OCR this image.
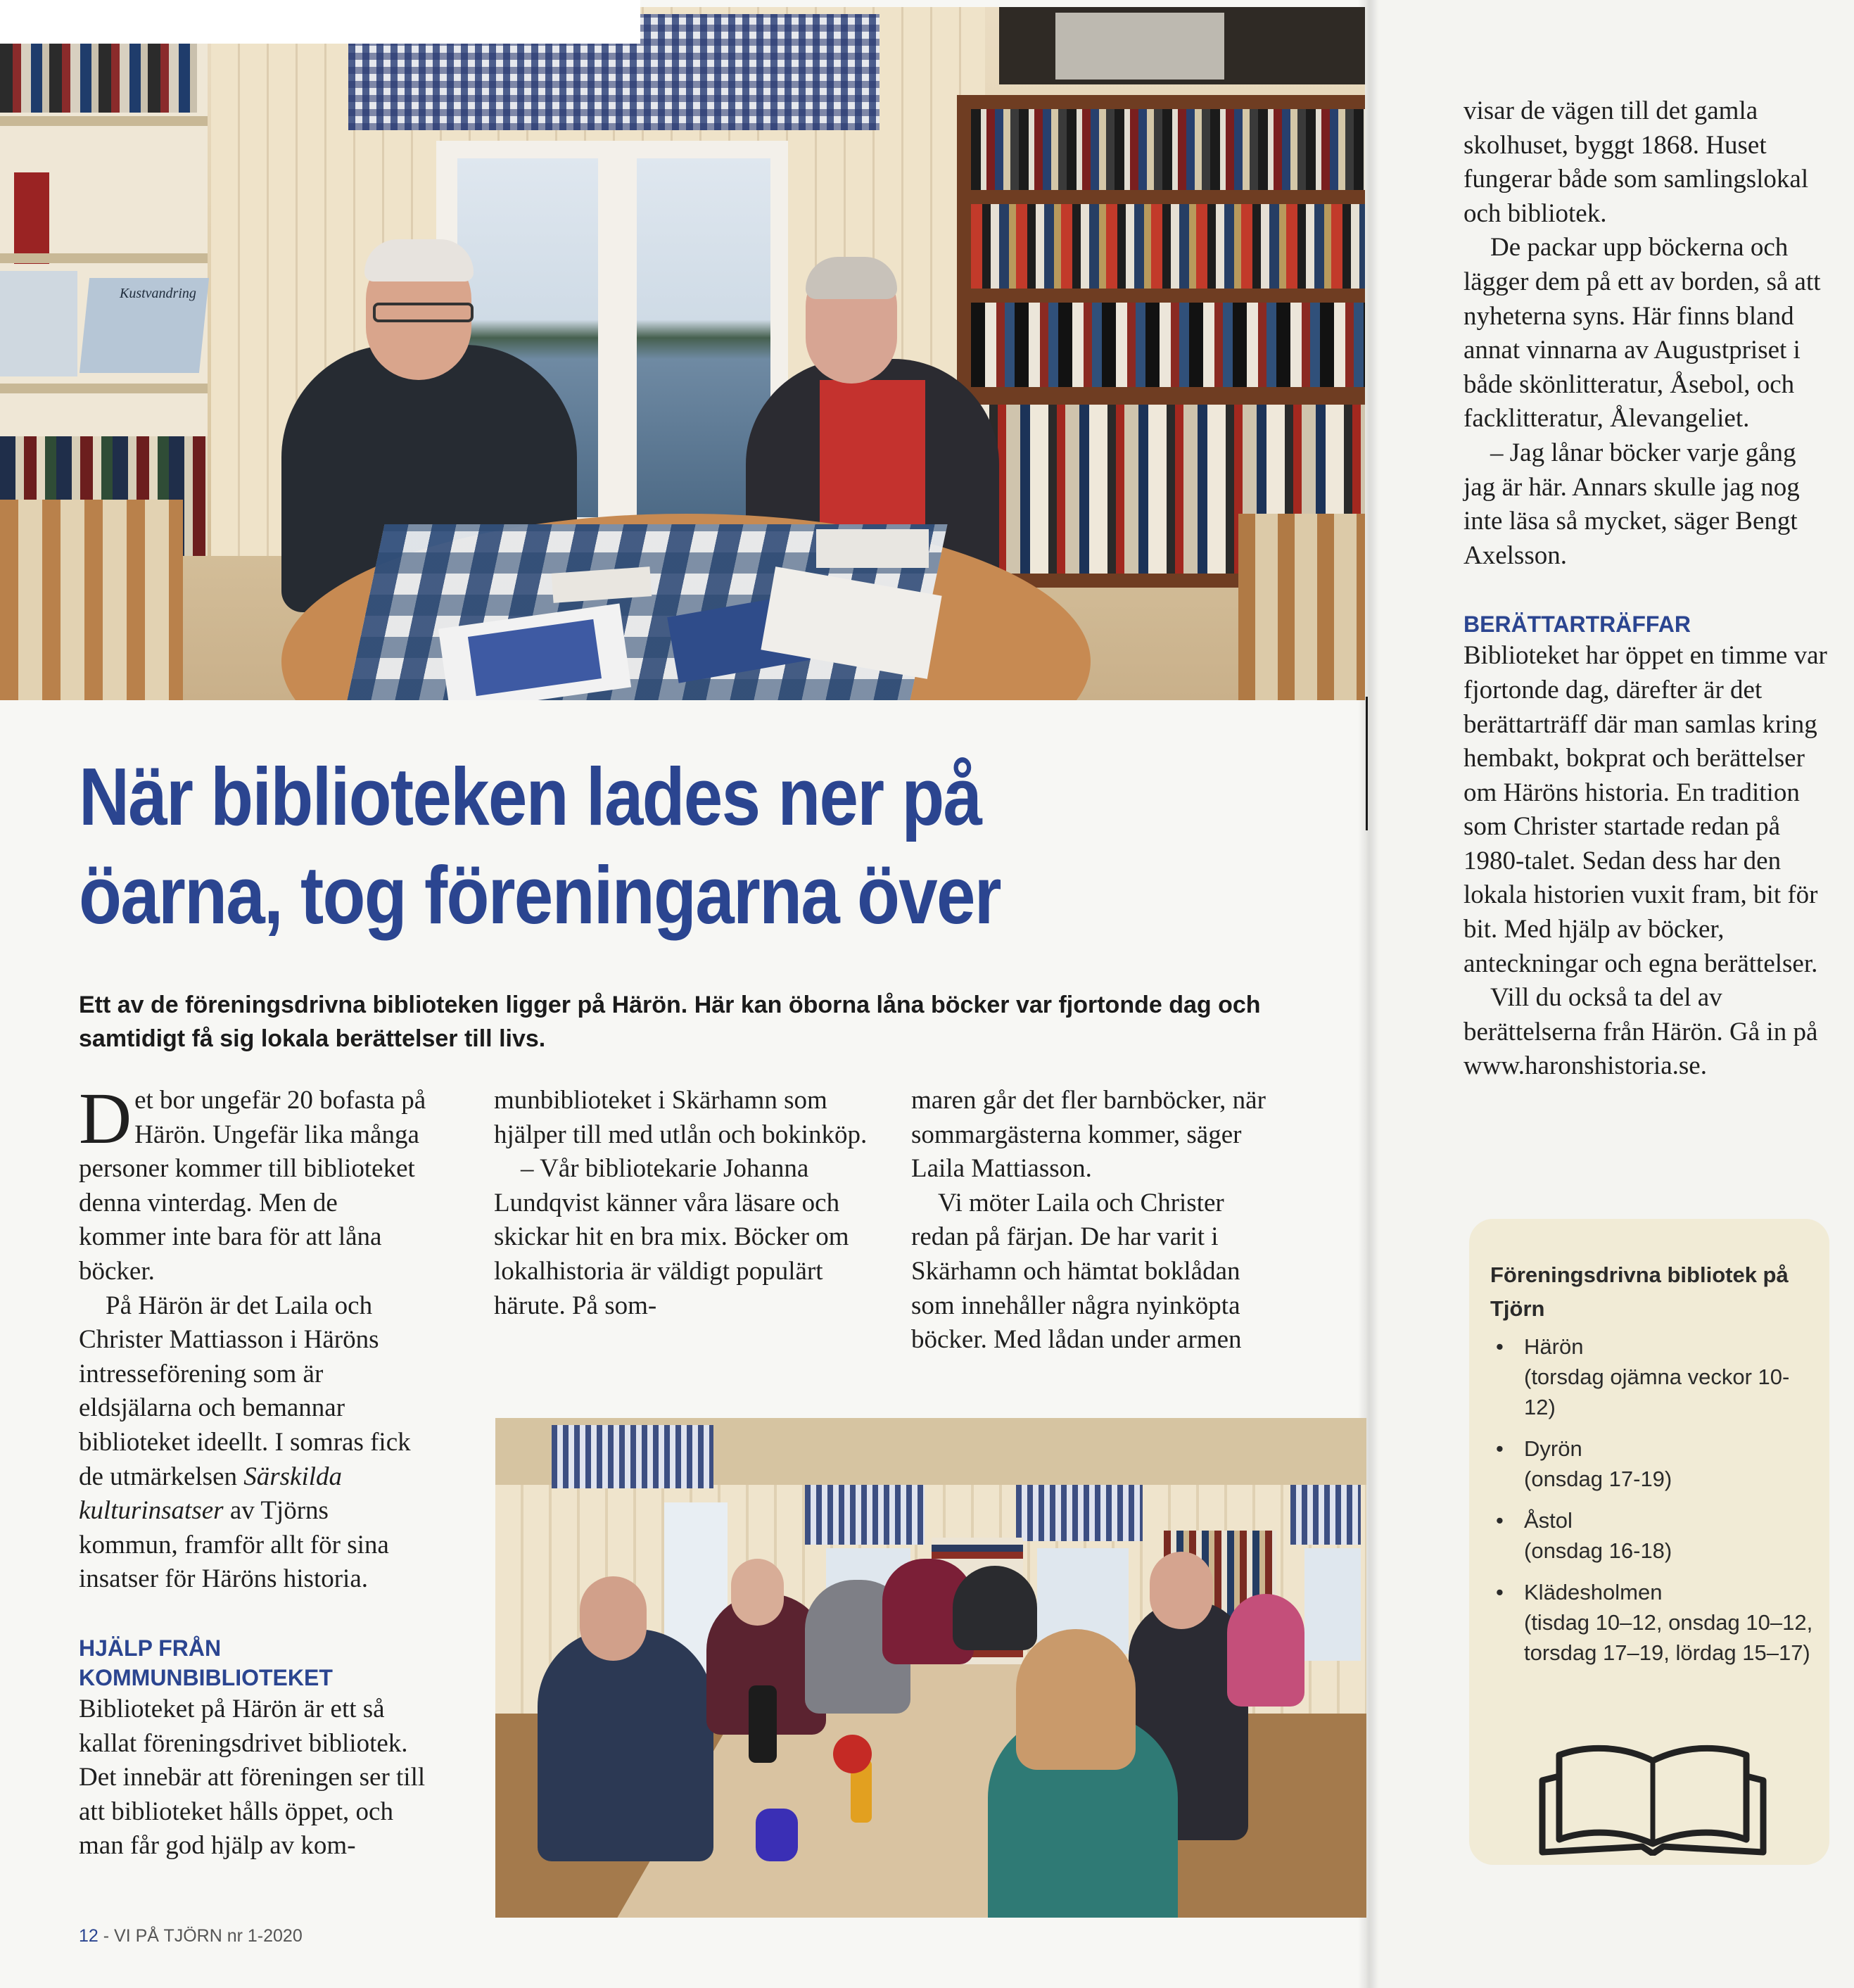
Kustvandring
När biblioteken lades ner på
öarna, tog föreningarna över

Ett av de föreningsdrivna biblioteken ligger på Härön. Här kan öborna låna böcker var fjortonde dag och samtidigt få sig lokala berättelser till livs.

Det bor ungefär 20 bofasta på Härön. Ungefär lika många personer kommer till biblioteket denna vinterdag. Men de kommer inte bara för att låna böcker.

På Härön är det Laila och Christer Mattiasson i Häröns intresseförening som är eldsjälarna och bemannar biblioteket ideellt. I somras fick de utmärkelsen Särskilda kulturinsatser av Tjörns kommun, framför allt för sina insatser för Häröns historia.

HJÄLP FRÅN KOMMUNBIBLIOTEKET

Biblioteket på Härön är ett så kallat föreningsdrivet bibliotek. Det innebär att föreningen ser till att biblioteket hålls öppet, och man får god hjälp av kom-

munbiblioteket i Skärhamn som hjälper till med utlån och bokinköp.

– Vår bibliotekarie Johanna Lundqvist känner våra läsare och skickar hit en bra mix. Böcker om lokalhistoria är väldigt populärt härute. På som-

maren går det fler barnböcker, när sommargästerna kommer, säger Laila Mattiasson.

Vi möter Laila och Christer redan på färjan. De har varit i Skärhamn och hämtat boklådan som innehåller några nyinköpta böcker. Med lådan under armen

visar de vägen till det gamla skolhuset, byggt 1868. Huset fungerar både som samlingslokal och bibliotek.

De packar upp böckerna och lägger dem på ett av borden, så att nyheterna syns. Här finns bland annat vinnarna av Augustpriset i både skönlitteratur, Åsebol, och facklitteratur, Ålevangeliet.

– Jag lånar böcker varje gång jag är här. Annars skulle jag nog inte läsa så mycket, säger Bengt Axelsson.

BERÄTTARTRÄFFAR

Biblioteket har öppet en timme var fjortonde dag, därefter är det berättarträff där man samlas kring hembakt, bokprat och berättelser om Häröns historia. En tradition som Christer startade redan på 1980-talet. Sedan dess har den lokala historien vuxit fram, bit för bit. Med hjälp av böcker, anteckningar och egna berättelser.

Vill du också ta del av berättelserna från Härön. Gå in på www.haronshistoria.se.

Föreningsdrivna bibliotek på Tjörn
• Härön
(torsdag ojämna veckor 10-12)
• Dyrön
(onsdag 17-19)
• Åstol
(onsdag 16-18)
• Klädesholmen
(tisdag 10–12, onsdag 10–12, torsdag 17–19, lördag 15–17)
12 - VI PÅ TJÖRN nr 1-2020
